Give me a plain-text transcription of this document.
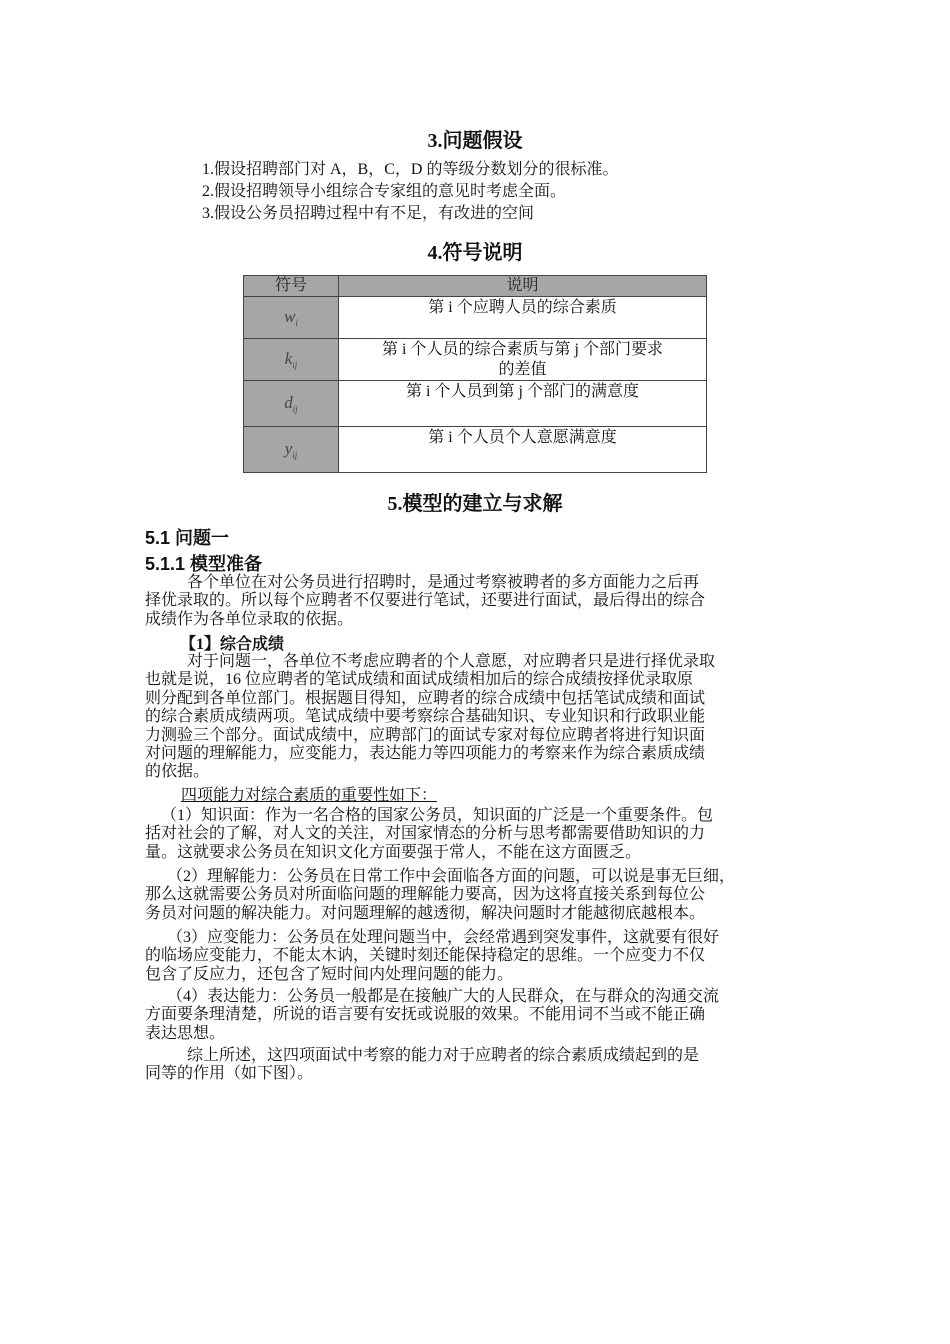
3.问题假设
1.假设招聘部门对 A，B，C，D 的等级分数划分的很标准。
2.假设招聘领导小组综合专家组的意见时考虑全面。
3.假设公务员招聘过程中有不足，有改进的空间
4.符号说明
符号	说明
$w_i$	第 i 个应聘人员的综合素质
$k_{ij}$	第 i 个人员的综合素质与第 j 个部门要求
的差值

$d_{ij}$	第 i 个人员到第 j 个部门的满意度
$y_{ij}$	第 i 个人员个人意愿满意度
5.模型的建立与求解
5.1 问题一
5.1.1 模型准备
各个单位在对公务员进行招聘时，是通过考察被聘者的多方面能力之后再
择优录取的。所以每个应聘者不仅要进行笔试，还要进行面试，最后得出的综合
成绩作为各单位录取的依据。
【1】综合成绩
对于问题一，各单位不考虑应聘者的个人意愿，对应聘者只是进行择优录取
也就是说，16 位应聘者的笔试成绩和面试成绩相加后的综合成绩按择优录取原
则分配到各单位部门。根据题目得知，应聘者的综合成绩中包括笔试成绩和面试
的综合素质成绩两项。笔试成绩中要考察综合基础知识、专业知识和行政职业能
力测验三个部分。面试成绩中，应聘部门的面试专家对每位应聘者将进行知识面
对问题的理解能力，应变能力，表达能力等四项能力的考察来作为综合素质成绩
的依据。
四项能力对综合素质的重要性如下：
（1）知识面：作为一名合格的国家公务员，知识面的广泛是一个重要条件。包
括对社会的了解，对人文的关注，对国家情态的分析与思考都需要借助知识的力
量。这就要求公务员在知识文化方面要强于常人，不能在这方面匮乏。
（2）理解能力：公务员在日常工作中会面临各方面的问题，可以说是事无巨细，
那么这就需要公务员对所面临问题的理解能力要高，因为这将直接关系到每位公
务员对问题的解决能力。对问题理解的越透彻，解决问题时才能越彻底越根本。
（3）应变能力：公务员在处理问题当中，会经常遇到突发事件，这就要有很好
的临场应变能力，不能太木讷，关键时刻还能保持稳定的思维。一个应变力不仅
包含了反应力，还包含了短时间内处理问题的能力。
（4）表达能力：公务员一般都是在接触广大的人民群众，在与群众的沟通交流
方面要条理清楚，所说的语言要有安抚或说服的效果。不能用词不当或不能正确
表达思想。
综上所述，这四项面试中考察的能力对于应聘者的综合素质成绩起到的是
同等的作用（如下图）。
